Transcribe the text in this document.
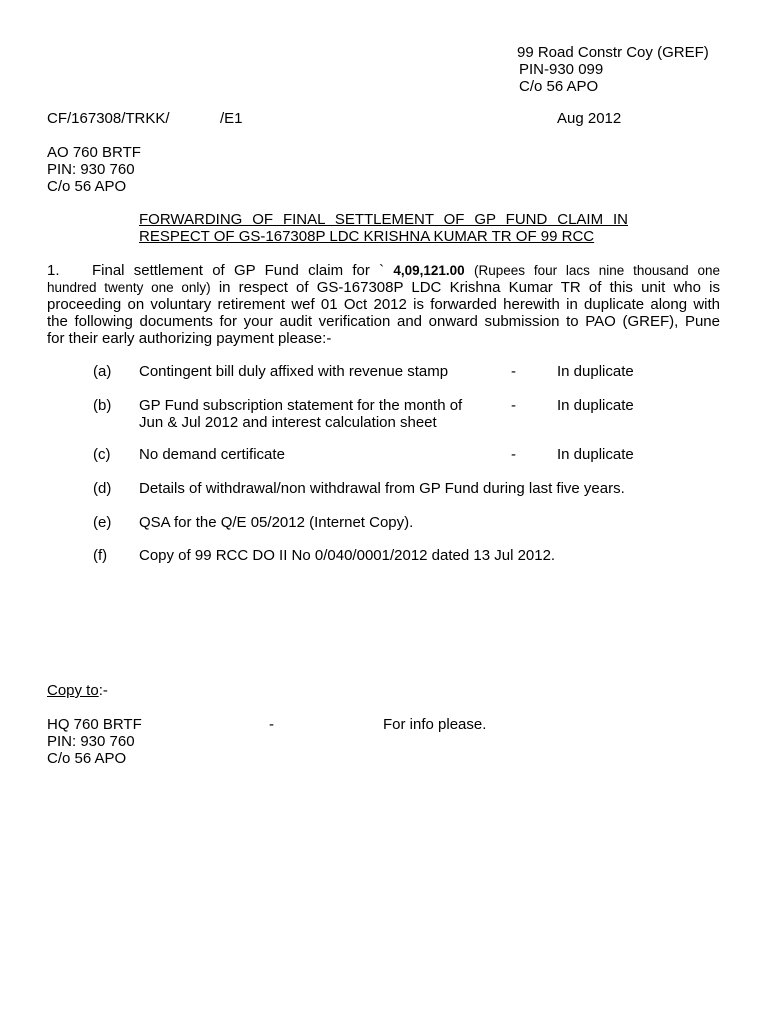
99 Road Constr Coy (GREF)
PIN-930 099
C/o 56 APO
CF/167308/TRKK/	/E1	Aug 2012
AO 760 BRTF
PIN: 930 760
C/o 56 APO
FORWARDING OF FINAL SETTLEMENT OF GP FUND CLAIM IN
RESPECT OF GS-167308P LDC KRISHNA KUMAR TR OF 99 RCC
1. Final settlement of GP Fund claim for ` 4,09,121.00 (Rupees four lacs nine thousand one
hundred twenty one only) in respect of GS-167308P LDC Krishna Kumar TR of this unit who is
proceeding on voluntary retirement wef 01 Oct 2012 is forwarded herewith in duplicate along with
the following documents for your audit verification and onward submission to PAO (GREF), Pune
for their early authorizing payment please:-
(a) Contingent bill duly affixed with revenue stamp	-	In duplicate
(b) GP Fund subscription statement for the month of
Jun & Jul 2012 and interest calculation sheet
-	In duplicate
(c) No demand certificate	-	In duplicate
(d) Details of withdrawal/non withdrawal from GP Fund during last five years.
(e) QSA for the Q/E 05/2012 (Internet Copy).
(f) Copy of 99 RCC DO II No 0/040/0001/2012 dated 13 Jul 2012.
Copy to:-
HQ 760 BRTF
PIN: 930 760
C/o 56 APO
-	For info please.
